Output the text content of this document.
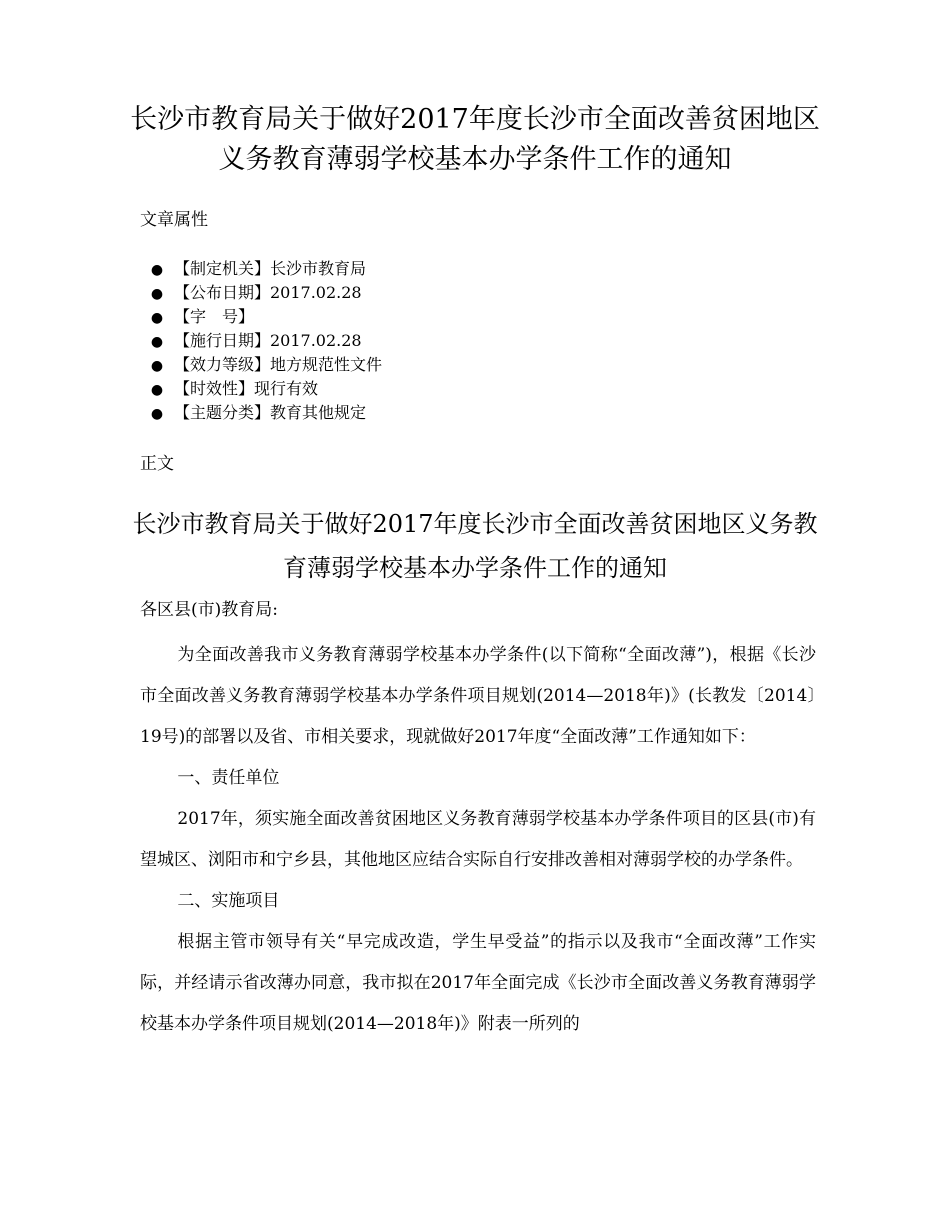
长沙市教育局关于做好2017年度长沙市全面改善贫困地区义务教育薄弱学校基本办学条件工作的通知

文章属性

● 【制定机关】长沙市教育局
● 【公布日期】2017.02.28
● 【字　号】
● 【施行日期】2017.02.28
● 【效力等级】地方规范性文件
● 【时效性】现行有效
● 【主题分类】教育其他规定

正文

长沙市教育局关于做好2017年度长沙市全面改善贫困地区义务教育薄弱学校基本办学条件工作的通知

各区县(市)教育局:

为全面改善我市义务教育薄弱学校基本办学条件(以下简称“全面改薄”)，根据《长沙市全面改善义务教育薄弱学校基本办学条件项目规划(2014—2018年)》(长教发〔2014〕19号)的部署以及省、市相关要求，现就做好2017年度“全面改薄”工作通知如下：

一、责任单位

2017年，须实施全面改善贫困地区义务教育薄弱学校基本办学条件项目的区县(市)有望城区、浏阳市和宁乡县，其他地区应结合实际自行安排改善相对薄弱学校的办学条件。

二、实施项目

根据主管市领导有关“早完成改造，学生早受益”的指示以及我市“全面改薄”工作实际，并经请示省改薄办同意，我市拟在2017年全面完成《长沙市全面改善义务教育薄弱学校基本办学条件项目规划(2014—2018年)》附表一所列的
